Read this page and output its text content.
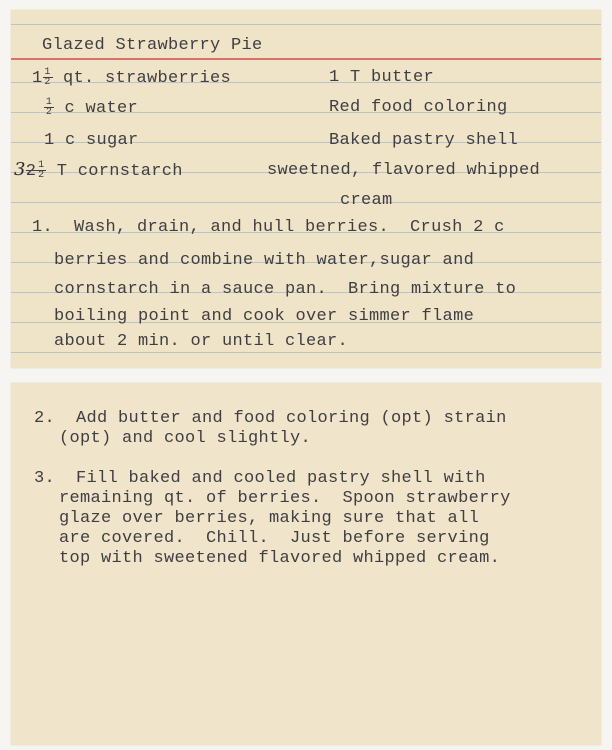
Glazed Strawberry Pie
$1 \frac{1}{2}$ qt. strawberries	1 T butter
$\frac{1}{2}$ c water	Red food coloring
1 c sugar	Baked pastry shell
$32 \frac{1}{2}$ T cornstarch	sweetned, flavored whipped
cream
1.  Wash, drain, and hull berries.  Crush 2 c
berries and combine with water,sugar and
cornstarch in a sauce pan.  Bring mixture to
boiling point and cook over simmer flame
about 2 min. or until clear.
2.  Add butter and food coloring (opt) strain
(opt) and cool slightly.
3.  Fill baked and cooled pastry shell with
remaining qt. of berries.  Spoon strawberry
glaze over berries, making sure that all
are covered.  Chill.  Just before serving
top with sweetened flavored whipped cream.
